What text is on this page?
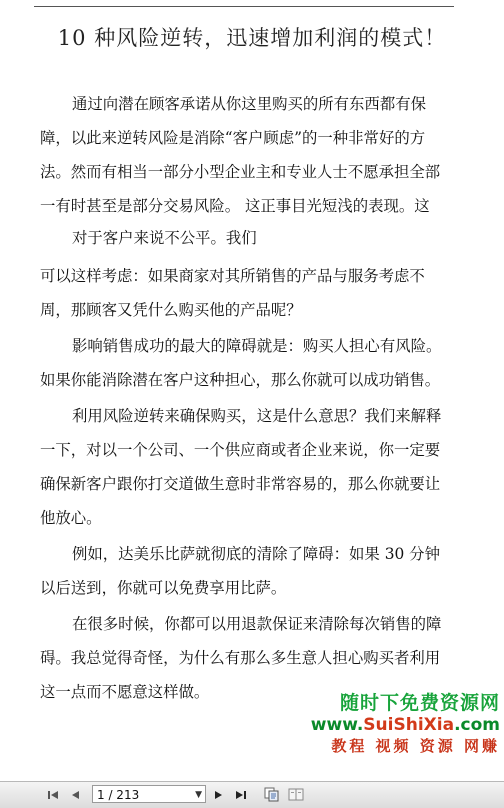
10 种风险逆转，迅速增加利润的模式！
通过向潜在顾客承诺从你这里购买的所有东西都有保
障，以此来逆转风险是消除“客户顾虑”的一种非常好的方
法。然而有相当一部分小型企业主和专业人士不愿承担全部
一有时甚至是部分交易风险。 这正事目光短浅的表现。这
对于客户来说不公平。我们
可以这样考虑：如果商家对其所销售的产品与服务考虑不
周，那顾客又凭什么购买他的产品呢？
影响销售成功的最大的障碍就是：购买人担心有风险。
如果你能消除潜在客户这种担心，那么你就可以成功销售。
利用风险逆转来确保购买，这是什么意思？我们来解释
一下，对以一个公司、一个供应商或者企业来说，你一定要
确保新客户跟你打交道做生意时非常容易的，那么你就要让
他放心。
例如，达美乐比萨就彻底的清除了障碍：如果 30 分钟
以后送到，你就可以免费享用比萨。
在很多时候，你都可以用退款保证来清除每次销售的障
碍。我总觉得奇怪，为什么有那么多生意人担心购买者利用
这一点而不愿意这样做。	随时下免费资源网
www.SuiShiXia.com
教程 视频 资源 网赚
1 / 213	▼
